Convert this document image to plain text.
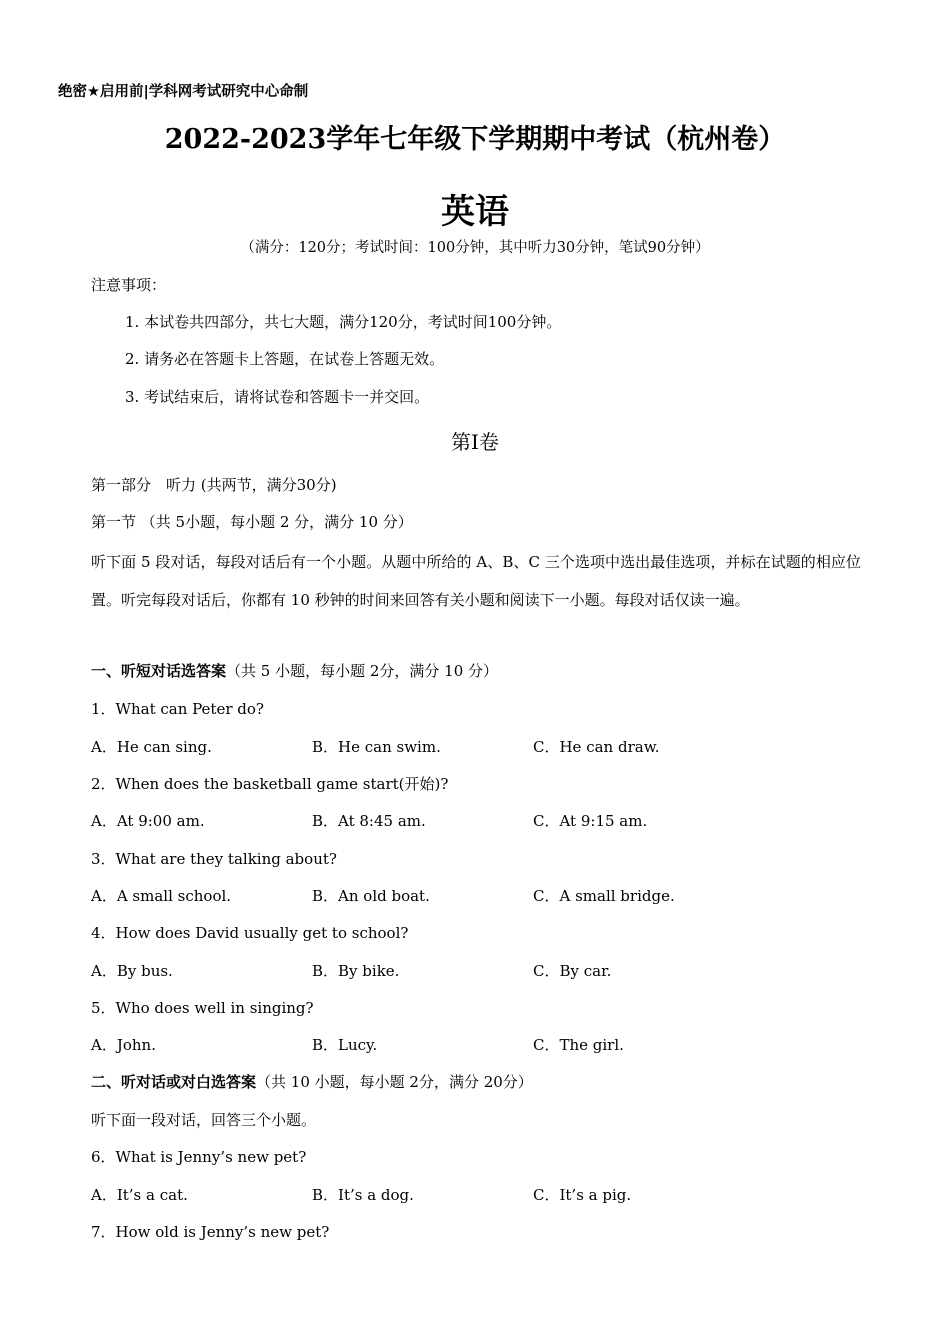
绝密★启用前|学科网考试研究中心命制
2022-2023学年七年级下学期期中考试（杭州卷）
英语
（满分：120分；考试时间：100分钟，其中听力30分钟，笔试90分钟）
注意事项：
1. 本试卷共四部分，共七大题，满分120分，考试时间100分钟。
2. 请务必在答题卡上答题，在试卷上答题无效。
3. 考试结束后，请将试卷和答题卡一并交回。
第I卷
第一部分　听力 (共两节，满分30分)
第一节 （共 5小题，每小题 2 分，满分 10 分）
听下面 5 段对话，每段对话后有一个小题。从题中所给的 A、B、C 三个选项中选出最佳选项，并标在试题的相应位置。听完每段对话后，你都有 10 秒钟的时间来回答有关小题和阅读下一小题。每段对话仅读一遍。
一、听短对话选答案（共 5 小题，每小题 2分，满分 10 分）
1．What can Peter do?
A．He can sing.	B．He can swim.	C．He can draw.
2．When does the basketball game start(开始)?
A．At 9:00 am.	B．At 8:45 am.	C．At 9:15 am.
3．What are they talking about?
A．A small school.	B．An old boat.	C．A small bridge.
4．How does David usually get to school?
A．By bus.	B．By bike.	C．By car.
5．Who does well in singing?
A．John.	B．Lucy.	C．The girl.
二、听对话或对白选答案（共 10 小题，每小题 2分，满分 20分）
听下面一段对话，回答三个小题。
6．What is Jenny’s new pet?
A．It’s a cat.	B．It’s a dog.	C．It’s a pig.
7．How old is Jenny’s new pet?
